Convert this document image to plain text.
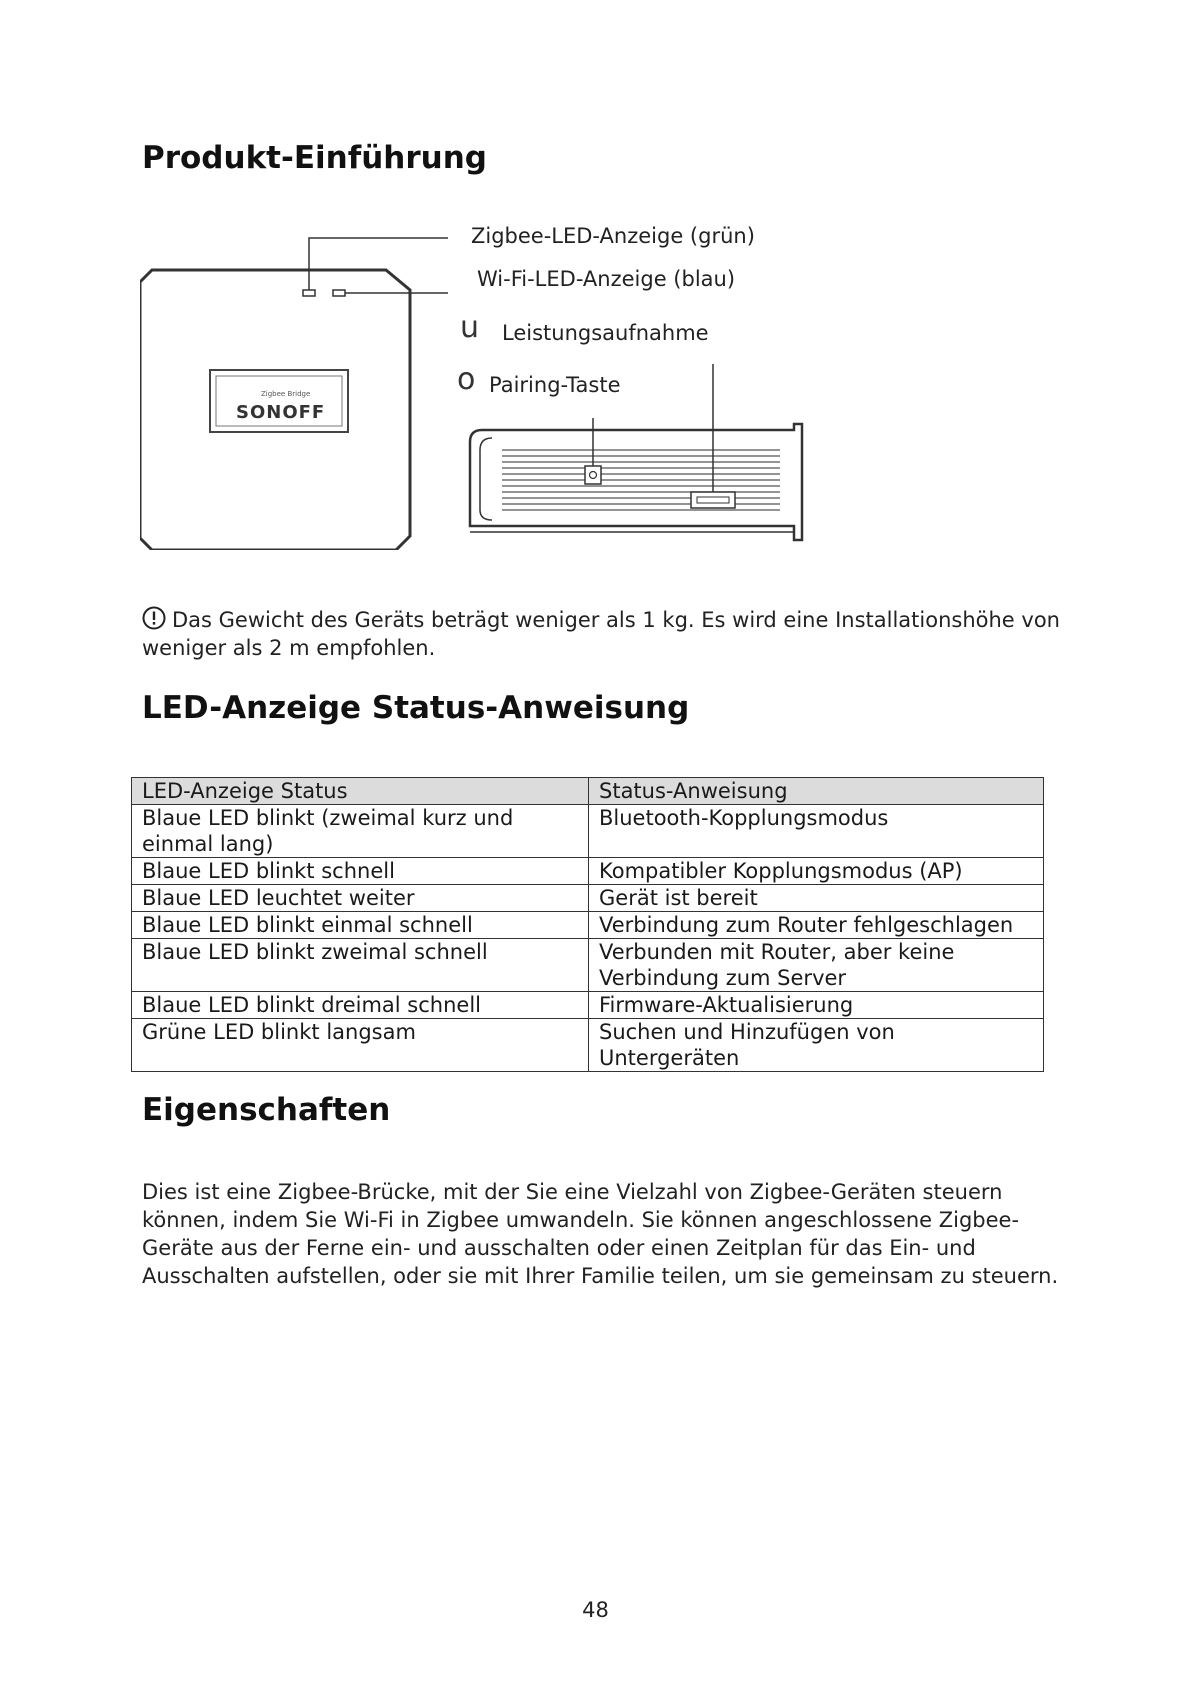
Produkt-Einführung
Zigbee Bridge
SONOFF
Zigbee-LED-Anzeige (grün)
Wi-Fi-LED-Anzeige (blau)
u Leistungsaufnahme
o Pairing-Taste
Das Gewicht des Geräts beträgt weniger als 1 kg. Es wird eine Installationshöhe von weniger als 2 m empfohlen.
LED-Anzeige Status-Anweisung
LED-Anzeige Status	Status-Anweisung
Blaue LED blinkt (zweimal kurz und einmal lang)	Bluetooth-Kopplungsmodus
Blaue LED blinkt schnell	Kompatibler Kopplungsmodus (AP)
Blaue LED leuchtet weiter	Gerät ist bereit
Blaue LED blinkt einmal schnell	Verbindung zum Router fehlgeschlagen
Blaue LED blinkt zweimal schnell	Verbunden mit Router, aber keine Verbindung zum Server
Blaue LED blinkt dreimal schnell	Firmware-Aktualisierung
Grüne LED blinkt langsam	Suchen und Hinzufügen von Untergeräten
Eigenschaften

Dies ist eine Zigbee-Brücke, mit der Sie eine Vielzahl von Zigbee-Geräten steuern können, indem Sie Wi-Fi in Zigbee umwandeln. Sie können angeschlossene Zigbee-Geräte aus der Ferne ein- und ausschalten oder einen Zeitplan für das Ein- und Ausschalten aufstellen, oder sie mit Ihrer Familie teilen, um sie gemeinsam zu steuern.

48
